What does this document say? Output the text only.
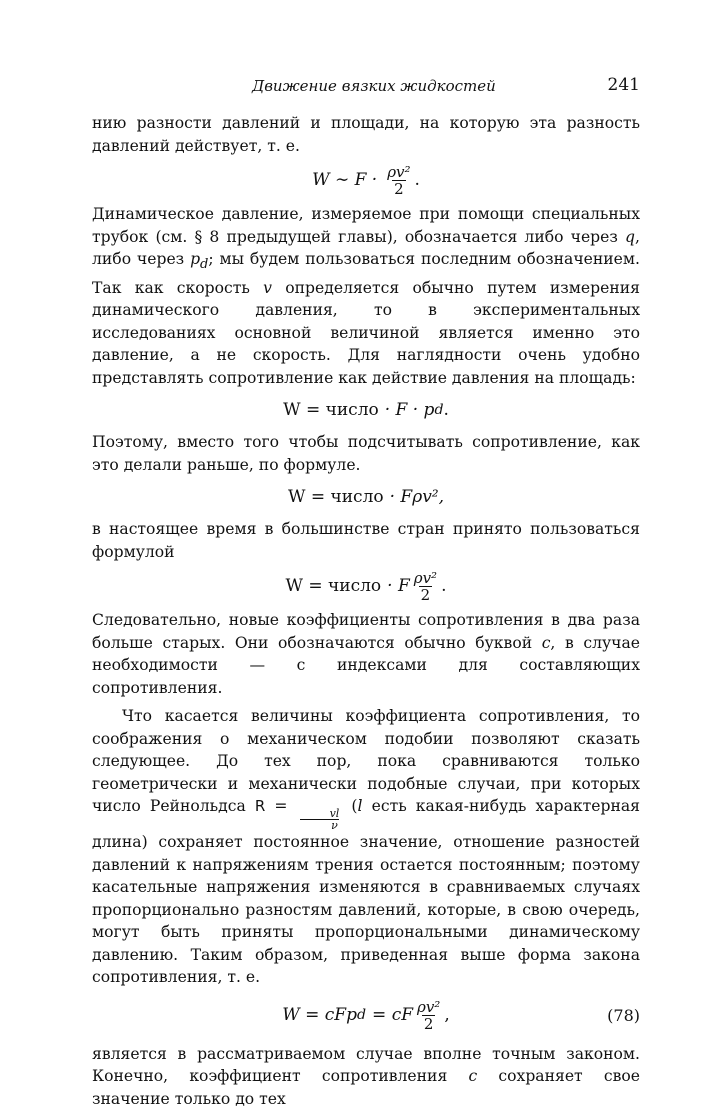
Движение вязких жидкостей	241

нию разности давлений и площади, на которую эта разность давлений действует, т. е.

W ∼ $F \cdot \frac{\text{ρv²}}{2}$ .

Динамическое давление, измеряемое при помощи специальных трубок (см. § 8 предыдущей главы), обозначается либо через q, либо через $p_d$; мы будем пользоваться последним обозначением. Так как скорость v определяется обычно путем измерения динамического давления, то в экспериментальных исследованиях основной величиной является именно это давление, а не скорость. Для наглядности очень удобно представлять сопротивление как действие давления на площадь:

W = число · F · p d .

Поэтому, вместо того чтобы подсчитывать сопротивление, как это делали раньше, по формуле.

W = число · Fρv²,

в настоящее время в большинстве стран принято пользоваться формулой

W = число · F $\frac{\text{ρv²}}{2}$ .

Следовательно, новые коэффициенты сопротивления в два раза больше старых. Они обозначаются обычно буквой c, в случае необходимости — с индексами для составляющих сопротивления.

Что касается величины коэффициента сопротивления, то соображения о механическом подобии позволяют сказать следующее. До тех пор, пока сравниваются только геометрически и механически подобные случаи, при которых число Рейнольдса R =
$\frac{vl}{\nu}$
(l есть какая-нибудь характерная длина) сохраняет постоянное значение, отношение разностей давлений к напряжениям трения остается постоянным; поэтому касательные напряжения изменяются в сравниваемых случаях пропорционально разностям давлений, которые, в свою очередь, могут быть приняты пропорциональными динамическому давлению. Таким образом, приведенная выше форма закона сопротивления, т. е.

W = cFp d = cF $\frac{\text{ρv²}}{2}$ ,	(78)

является в рассматриваемом случае вполне точным законом. Конечно, коэффициент сопротивления c сохраняет свое значение только до тех
